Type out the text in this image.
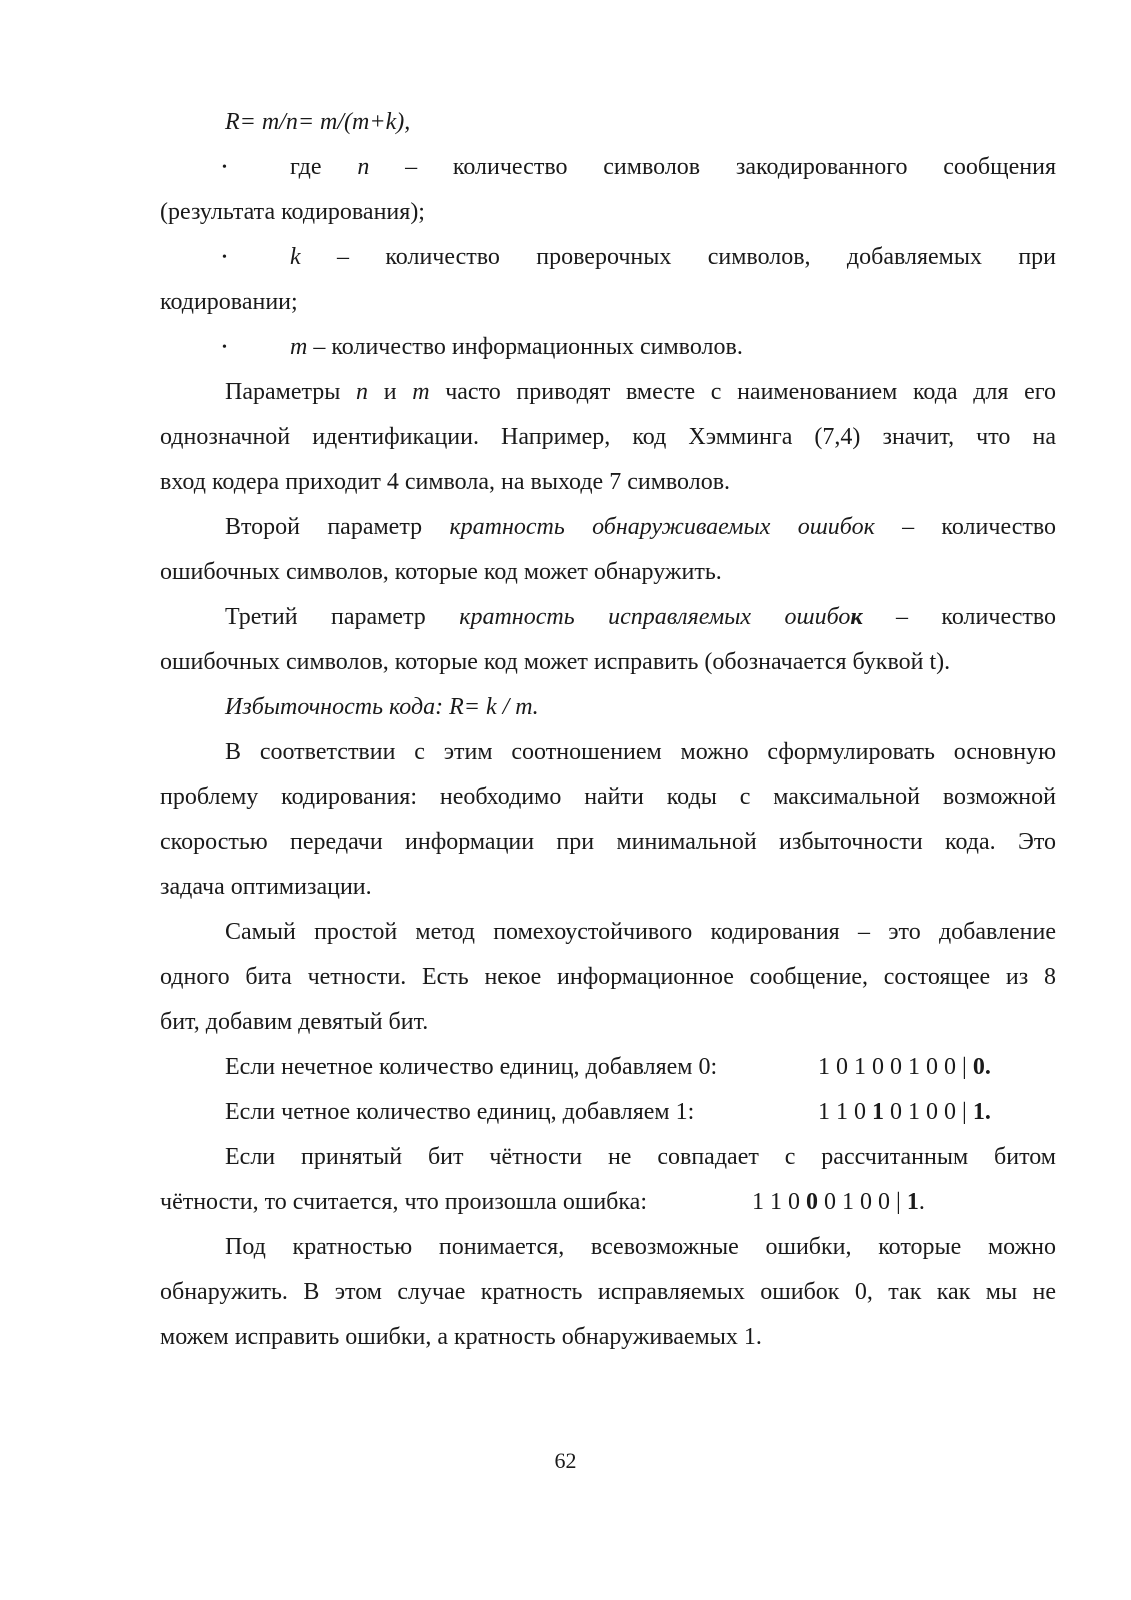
R= m/n= m/(m+k),
•	где n – количество символов закодированного сообщения
(результата кодирования);
•	k – количество проверочных символов, добавляемых при
кодировании;
•	m – количество информационных символов.
Параметры n и m часто приводят вместе с наименованием кода для его
однозначной идентификации. Например, код Хэмминга (7,4) значит, что на
вход кодера приходит 4 символа, на выходе 7 символов.
Второй параметр кратность обнаруживаемых ошибок – количество
ошибочных символов, которые код может обнаружить.
Третий параметр кратность исправляемых ошибок – количество
ошибочных символов, которые код может исправить (обозначается буквой t).
Избыточность кода: R= k / m.
В соответствии с этим соотношением можно сформулировать основную
проблему кодирования: необходимо найти коды с максимальной возможной
скоростью передачи информации при минимальной избыточности кода. Это
задача оптимизации.
Самый простой метод помехоустойчивого кодирования – это добавление
одного бита четности. Есть некое информационное сообщение, состоящее из 8
бит, добавим девятый бит.
Если нечетное количество единиц, добавляем 0:	1 0 1 0 0 1 0 0 | 0.
Если четное количество единиц, добавляем 1:	1 1 0 1 0 1 0 0 | 1.
Если принятый бит чётности не совпадает с рассчитанным битом
чётности, то считается, что произошла ошибка:	1 1 0 0 0 1 0 0 | 1.
Под кратностью понимается, всевозможные ошибки, которые можно
обнаружить. В этом случае кратность исправляемых ошибок 0, так как мы не
можем исправить ошибки, а кратность обнаруживаемых 1.
62
